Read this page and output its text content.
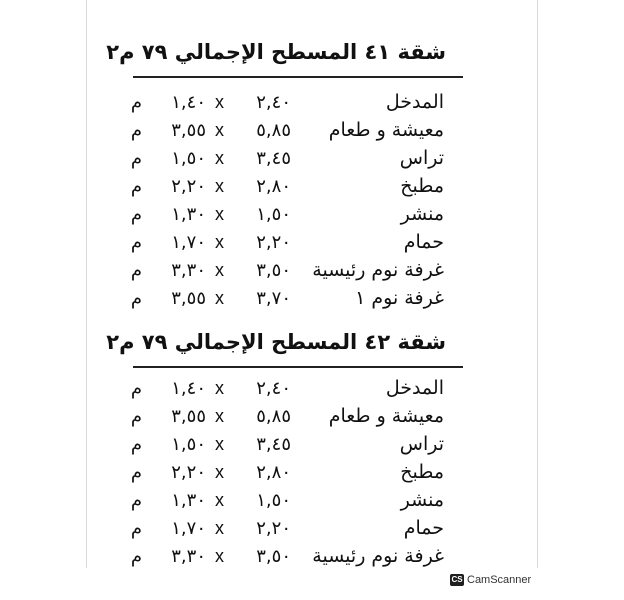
شقة ٤١ المسطح الإجمالي ٧٩ م٢
المدخل
٢,٤٠x١,٤٠م
معيشة و طعام
٥,٨٥x٣,٥٥م
تراس
٣,٤٥x١,٥٠م
مطبخ
٢,٨٠x٢,٢٠م
منشر
١,٥٠x١,٣٠م
حمام
٢,٢٠x١,٧٠م
غرفة نوم رئيسية
٣,٥٠x٣,٣٠م
غرفة نوم ١
٣,٧٠x٣,٥٥م
شقة ٤٢ المسطح الإجمالي ٧٩ م٢
المدخل
٢,٤٠x١,٤٠م
معيشة و طعام
٥,٨٥x٣,٥٥م
تراس
٣,٤٥x١,٥٠م
مطبخ
٢,٨٠x٢,٢٠م
منشر
١,٥٠x١,٣٠م
حمام
٢,٢٠x١,٧٠م
غرفة نوم رئيسية
٣,٥٠x٣,٣٠م
CS CamScanner
